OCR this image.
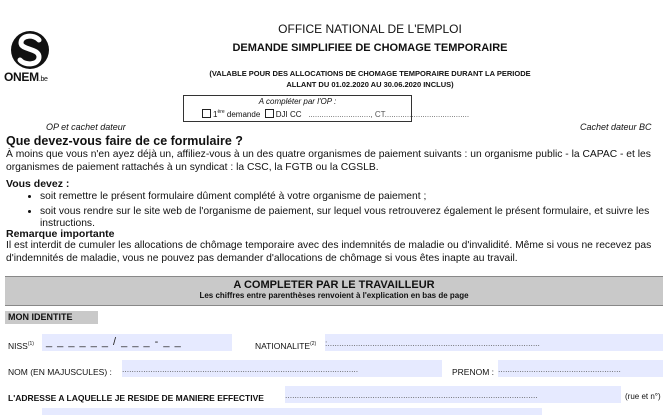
ONEM.be
OFFICE NATIONAL DE L'EMPLOI
DEMANDE SIMPLIFIEE DE CHOMAGE TEMPORAIRE
(VALABLE POUR DES ALLOCATIONS DE CHOMAGE TEMPORAIRE DURANT LA PERIODE
ALLANT DU 01.02.2020 AU 30.06.2020 INCLUS)
A compléter par l'OP :
1ère demande DJI CC ............................, CT......................................
OP et cachet dateur	Cachet dateur BC
Que devez-vous faire de ce formulaire ?
À moins que vous n'en ayez déjà un, affiliez-vous à un des quatre organismes de paiement suivants : un organisme public - la CAPAC - et les organismes de paiement rattachés à un syndicat : la CSC, la FGTB ou la CGSLB.
Vous devez :
• soit remettre le présent formulaire dûment complété à votre organisme de paiement ;
• soit vous rendre sur le site web de l'organisme de paiement, sur lequel vous retrouverez également le présent formulaire, et suivre les instructions.
Remarque importante
Il est interdit de cumuler les allocations de chômage temporaire avec des indemnités de maladie ou d'invalidité. Même si vous ne recevez pas d'indemnités de maladie, vous ne pouvez pas demander d'allocations de chômage si vous êtes inapte au travail.
A COMPLETER PAR LE TRAVAILLEUR
Les chiffres entre parenthèses renvoient à l'explication en bas de page
MON IDENTITE
NISS$^{(1)}$	_ _ _ _ _ _ / _ _ _ - _ _	NATIONALITE$^{(2)}$ :..........................................................................................
NOM (EN MAJUSCULES) : ....................................................................................................	PRENOM : ....................................................
L'ADRESSE A LAQUELLE JE RESIDE DE MANIERE EFFECTIVE ...........................................................................................................	(rue et n°)
